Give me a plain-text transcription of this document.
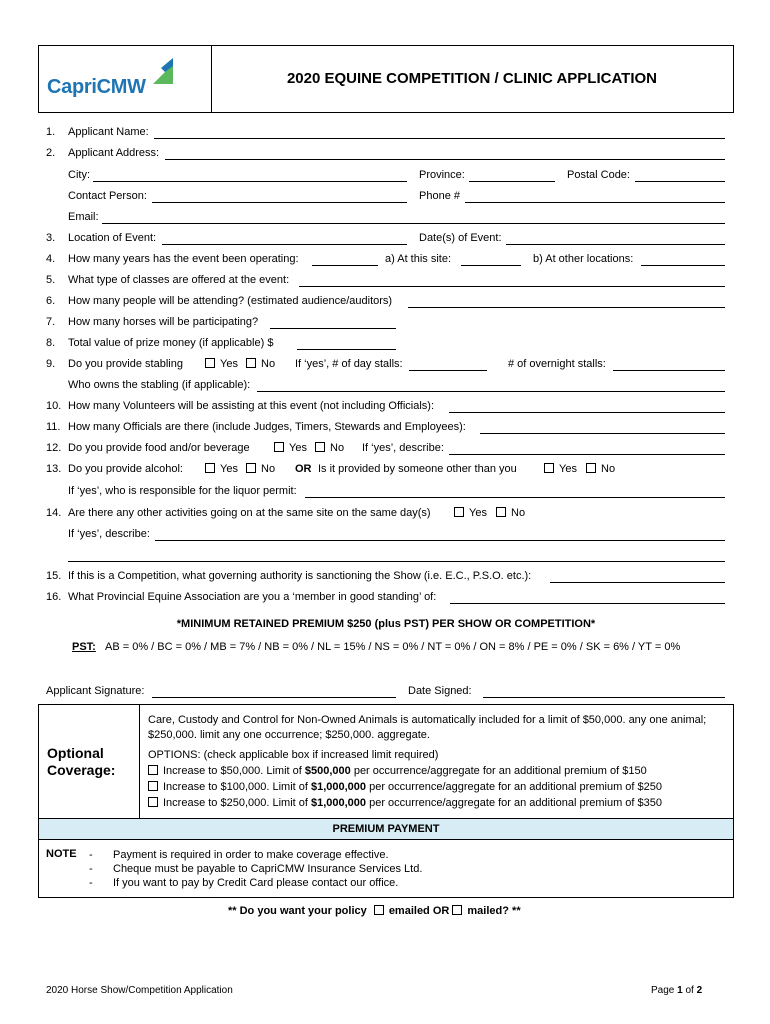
CapriCMW	2020 EQUINE COMPETITION / CLINIC APPLICATION
1. Applicant Name:
2. Applicant Address:
City:	Province:	Postal Code:
Contact Person:	Phone #
Email:
3. Location of Event:	Date(s) of Event:
4. How many years has the event been operating:	a) At this site:	b) At other locations:
5. What type of classes are offered at the event:
6. How many people will be attending? (estimated audience/auditors)
7. How many horses will be participating?
8. Total value of prize money (if applicable) $
9. Do you provide stabling	Yes	No If ‘yes’, # of day stalls:	# of overnight stalls:
Who owns the stabling (if applicable):
10. How many Volunteers will be assisting at this event (not including Officials):
11. How many Officials are there (include Judges, Timers, Stewards and Employees):
12. Do you provide food and/or beverage	Yes	No If ‘yes’, describe:
13. Do you provide alcohol:	Yes	No OR Is it provided by someone other than you	Yes	No
If ‘yes’, who is responsible for the liquor permit:
14. Are there any other activities going on at the same site on the same day(s)	Yes	No
If ‘yes’, describe:
15. If this is a Competition, what governing authority is sanctioning the Show (i.e. E.C., P.S.O. etc.):
16. What Provincial Equine Association are you a ‘member in good standing’ of:
*MINIMUM RETAINED PREMIUM $250 (plus PST) PER SHOW OR COMPETITION*
PST: AB = 0% / BC = 0% / MB = 7% / NB = 0% / NL = 15% / NS = 0% / NT = 0% / ON = 8% / PE = 0% / SK = 6% / YT = 0%
Applicant Signature:	Date Signed:
Optional
Coverage:
Care, Custody and Control for Non-Owned Animals is automatically included for a limit of $50,000. any one animal;
$250,000. limit any one occurrence; $250,000. aggregate.
OPTIONS: (check applicable box if increased limit required)
Increase to $50,000. Limit of $500,000 per occurrence/aggregate for an additional premium of $150
Increase to $100,000. Limit of $1,000,000 per occurrence/aggregate for an additional premium of $250
Increase to $250,000. Limit of $1,000,000 per occurrence/aggregate for an additional premium of $350
PREMIUM PAYMENT
NOTE -
-
-
Payment is required in order to make coverage effective.
Cheque must be payable to CapriCMW Insurance Services Ltd.
If you want to pay by Credit Card please contact our office.
** Do you want your policy emailed OR mailed? **
2020 Horse Show/Competition Application	Page 1 of 2
